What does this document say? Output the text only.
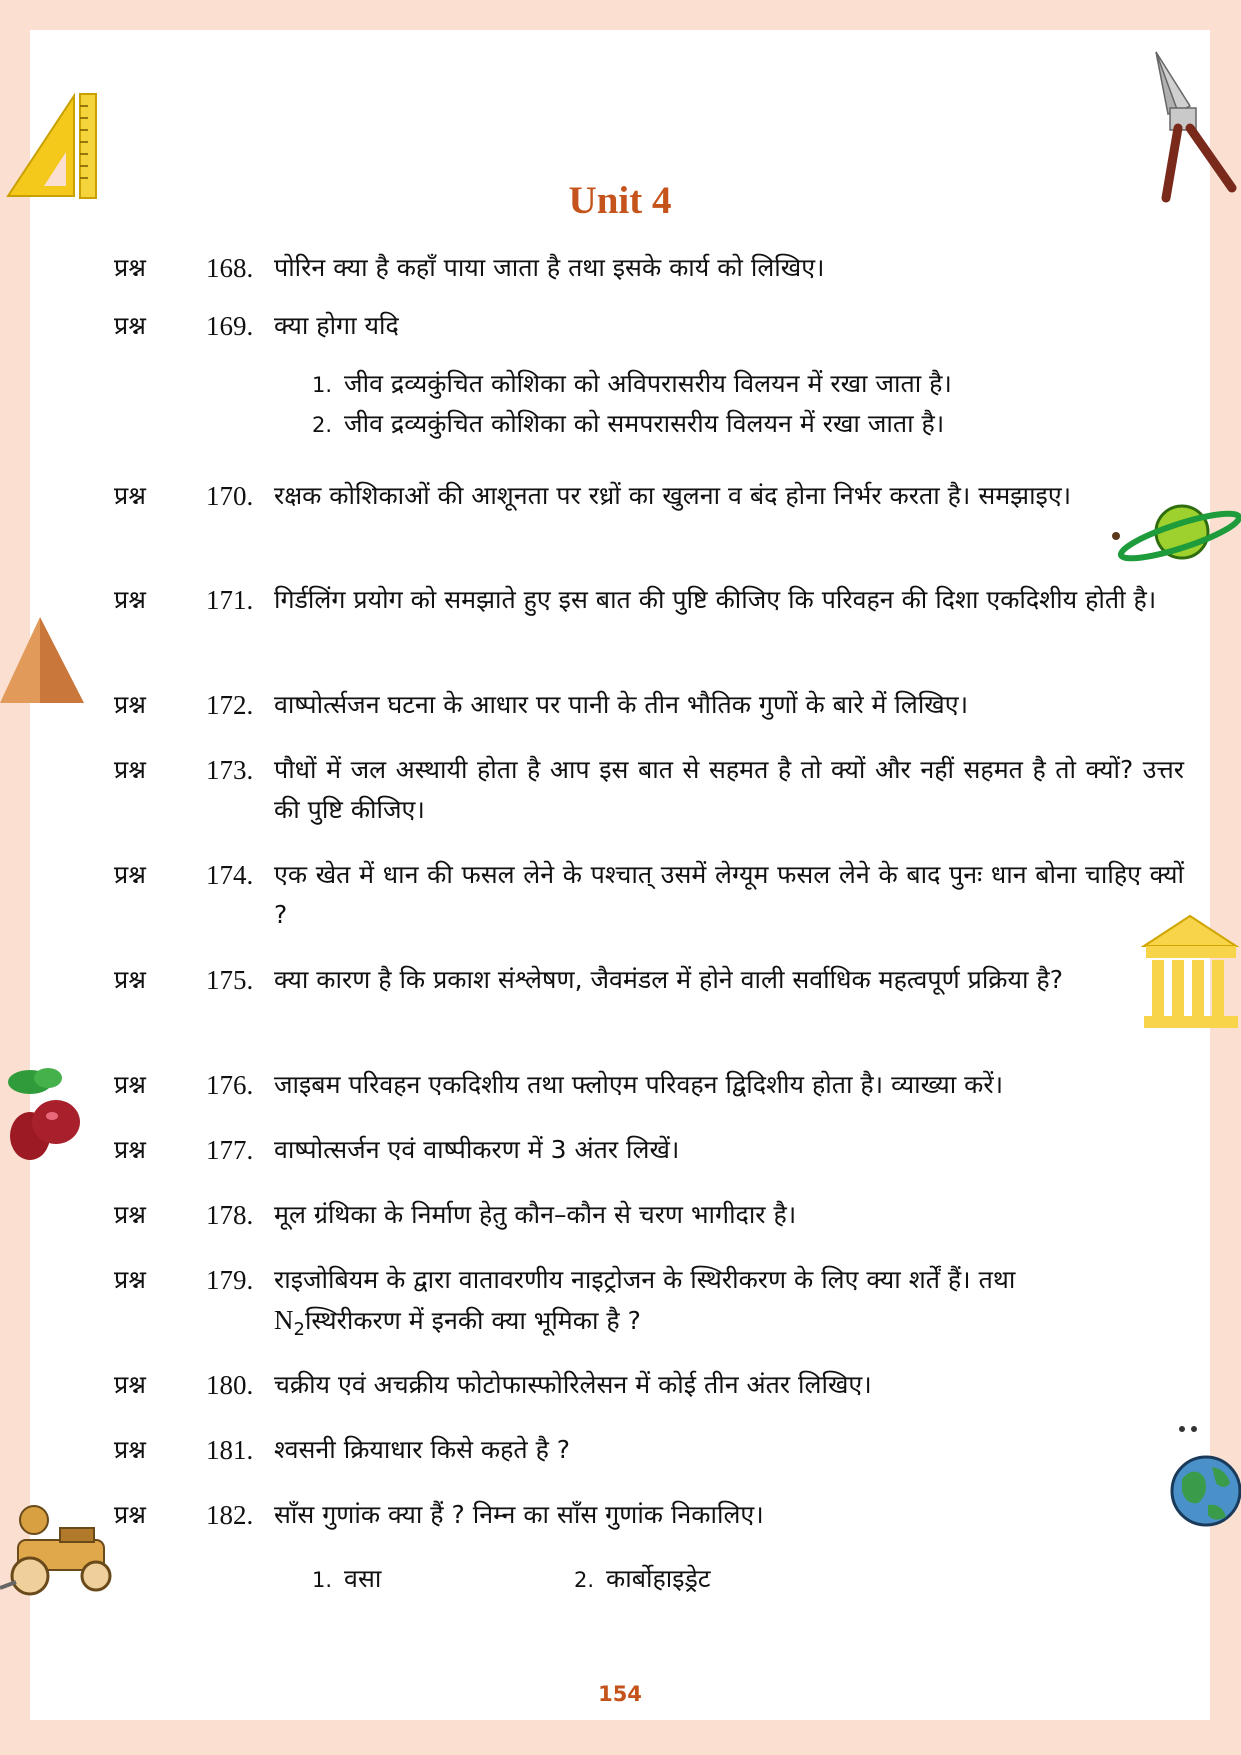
Unit 4
प्रश्न 168. पोरिन क्या है कहाँ पाया जाता है तथा इसके कार्य को लिखिए।
प्रश्न 169. क्या होगा यदि
1. जीव द्रव्यकुंचित कोशिका को अविपरासरीय विलयन में रखा जाता है।
2. जीव द्रव्यकुंचित कोशिका को समपरासरीय विलयन में रखा जाता है।
प्रश्न 170. रक्षक कोशिकाओं की आशूनता पर रध्रों का खुलना व बंद होना निर्भर करता है। समझाइए।
प्रश्न 171. गिर्डलिंग प्रयोग को समझाते हुए इस बात की पुष्टि कीजिए कि परिवहन की दिशा एकदिशीय होती है।
प्रश्न 172. वाष्पोर्त्सजन घटना के आधार पर पानी के तीन भौतिक गुणों के बारे में लिखिए।
प्रश्न 173. पौधों में जल अस्थायी होता है आप इस बात से सहमत है तो क्यों और नहीं सहमत है तो क्यों? उत्तर की पुष्टि कीजिए।
प्रश्न 174. एक खेत में धान की फसल लेने के पश्चात् उसमें लेग्यूम फसल लेने के बाद पुनः धान बोना चाहिए क्यों ?
प्रश्न 175. क्या कारण है कि प्रकाश संश्लेषण, जैवमंडल में होने वाली सर्वाधिक महत्वपूर्ण प्रक्रिया है?
प्रश्न 176. जाइबम परिवहन एकदिशीय तथा फ्लोएम परिवहन द्विदिशीय होता है। व्याख्या करें।
प्रश्न 177. वाष्पोत्सर्जन एवं वाष्पीकरण में 3 अंतर लिखें।
प्रश्न 178. मूल ग्रंथिका के निर्माण हेतु कौन–कौन से चरण भागीदार है।
प्रश्न 179. राइजोबियम के द्वारा वातावरणीय नाइट्रोजन के स्थिरीकरण के लिए क्या शर्तें हैं। तथा
$N_2स्थिरीकरण$ में इनकी क्या भूमिका है ?
प्रश्न 180. चक्रीय एवं अचक्रीय फोटोफास्फोरिलेसन में कोई तीन अंतर लिखिए।
प्रश्न 181. श्वसनी क्रियाधार किसे कहते है ?
प्रश्न 182. साँस गुणांक क्या हैं ? निम्न का साँस गुणांक निकालिए।
1. वसा	2. कार्बोहाइड्रेट
154
